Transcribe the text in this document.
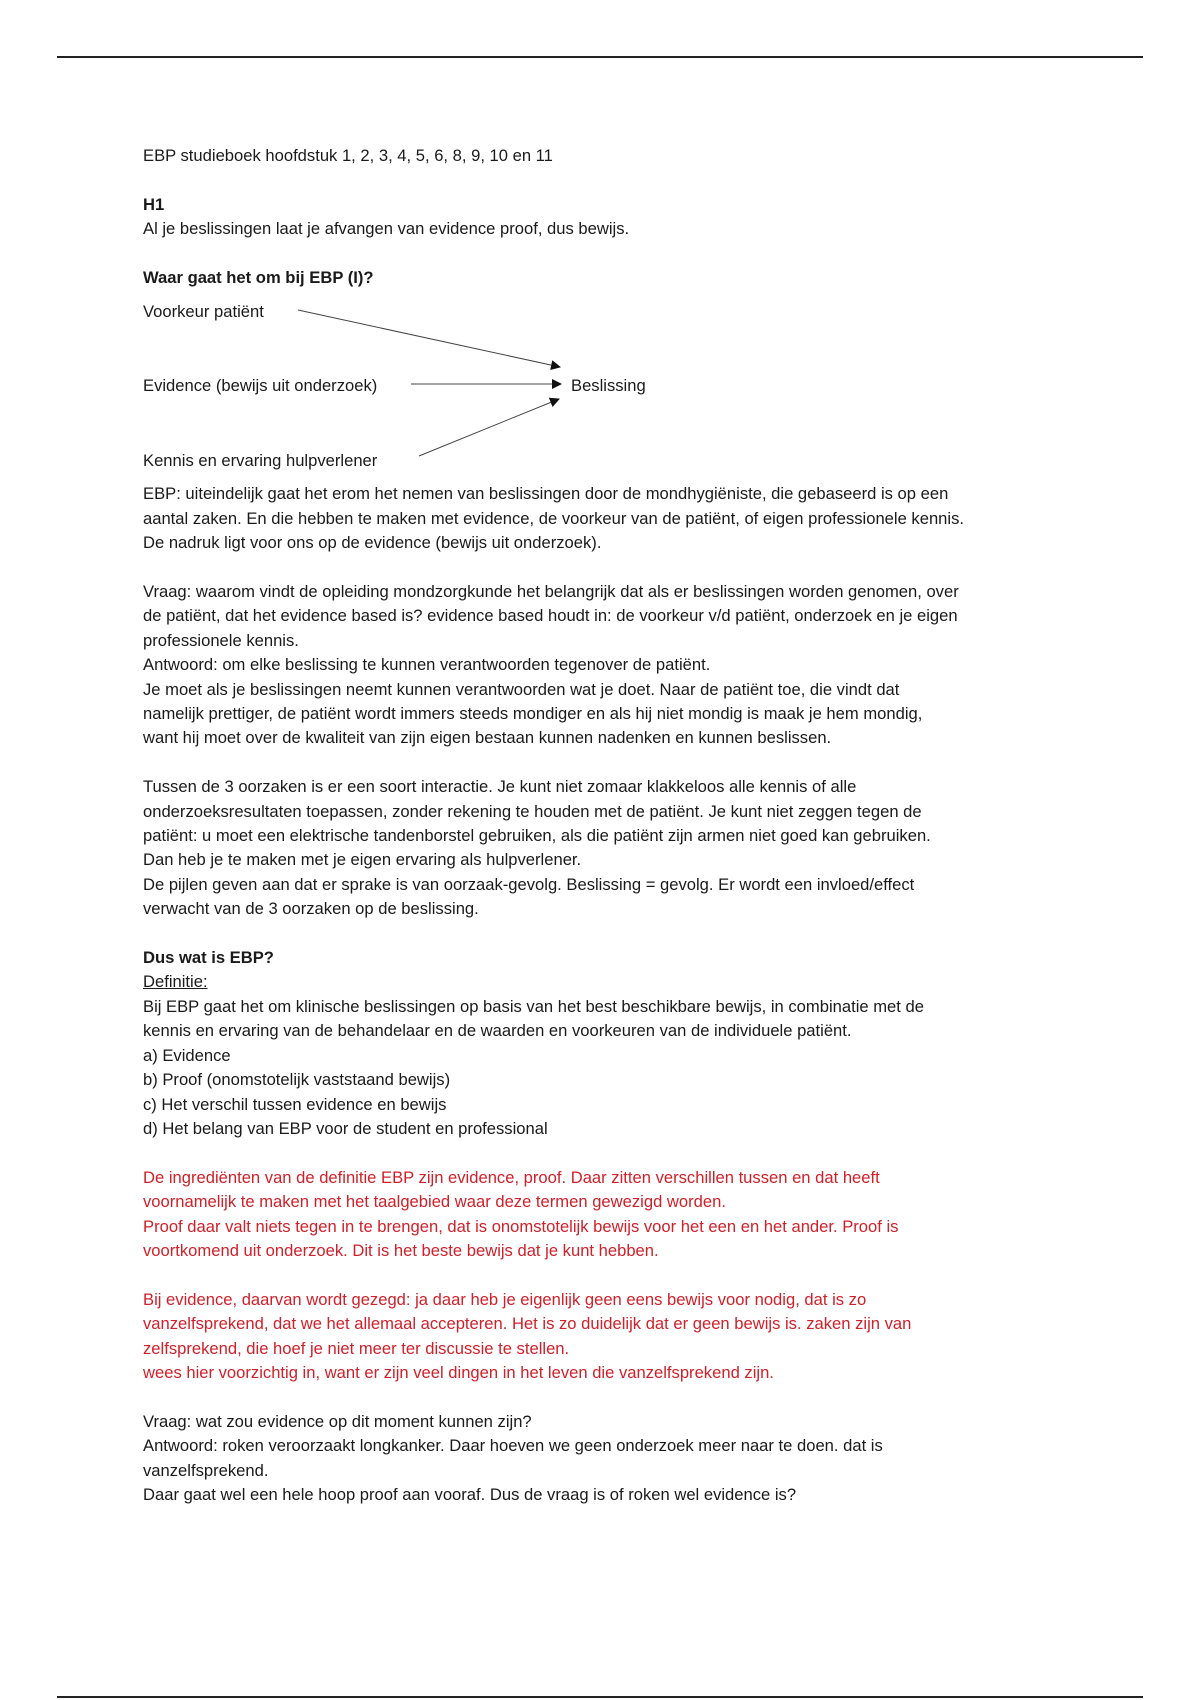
EBP studieboek hoofdstuk 1, 2, 3, 4, 5, 6, 8, 9, 10 en 11

H1

Al je beslissingen laat je afvangen van evidence proof, dus bewijs.

Waar gaat het om bij EBP (I)?

Voorkeur patiënt
Evidence (bewijs uit onderzoek)
Kennis en ervaring hulpverlener
Beslissing

EBP: uiteindelijk gaat het erom het nemen van beslissingen door de mondhygiëniste, die gebaseerd is op een

aantal zaken. En die hebben te maken met evidence, de voorkeur van de patiënt, of eigen professionele kennis.

De nadruk ligt voor ons op de evidence (bewijs uit onderzoek).

Vraag: waarom vindt de opleiding mondzorgkunde het belangrijk dat als er beslissingen worden genomen, over

de patiënt, dat het evidence based is? evidence based houdt in: de voorkeur v/d patiënt, onderzoek en je eigen

professionele kennis.

Antwoord: om elke beslissing te kunnen verantwoorden tegenover de patiënt.

Je moet als je beslissingen neemt kunnen verantwoorden wat je doet. Naar de patiënt toe, die vindt dat

namelijk prettiger, de patiënt wordt immers steeds mondiger en als hij niet mondig is maak je hem mondig,

want hij moet over de kwaliteit van zijn eigen bestaan kunnen nadenken en kunnen beslissen.

Tussen de 3 oorzaken is er een soort interactie. Je kunt niet zomaar klakkeloos alle kennis of alle

onderzoeksresultaten toepassen, zonder rekening te houden met de patiënt. Je kunt niet zeggen tegen de

patiënt: u moet een elektrische tandenborstel gebruiken, als die patiënt zijn armen niet goed kan gebruiken.

Dan heb je te maken met je eigen ervaring als hulpverlener.

De pijlen geven aan dat er sprake is van oorzaak-gevolg. Beslissing = gevolg. Er wordt een invloed/effect

verwacht van de 3 oorzaken op de beslissing.

Dus wat is EBP?

Definitie:

Bij EBP gaat het om klinische beslissingen op basis van het best beschikbare bewijs, in combinatie met de

kennis en ervaring van de behandelaar en de waarden en voorkeuren van de individuele patiënt.

a) Evidence

b) Proof (onomstotelijk vaststaand bewijs)

c) Het verschil tussen evidence en bewijs

d) Het belang van EBP voor de student en professional

De ingrediënten van de definitie EBP zijn evidence, proof. Daar zitten verschillen tussen en dat heeft

voornamelijk te maken met het taalgebied waar deze termen gewezigd worden.

Proof daar valt niets tegen in te brengen, dat is onomstotelijk bewijs voor het een en het ander. Proof is

voortkomend uit onderzoek. Dit is het beste bewijs dat je kunt hebben.

Bij evidence, daarvan wordt gezegd: ja daar heb je eigenlijk geen eens bewijs voor nodig, dat is zo

vanzelfsprekend, dat we het allemaal accepteren. Het is zo duidelijk dat er geen bewijs is. zaken zijn van

zelfsprekend, die hoef je niet meer ter discussie te stellen.

wees hier voorzichtig in, want er zijn veel dingen in het leven die vanzelfsprekend zijn.

Vraag: wat zou evidence op dit moment kunnen zijn?

Antwoord: roken veroorzaakt longkanker. Daar hoeven we geen onderzoek meer naar te doen. dat is

vanzelfsprekend.

Daar gaat wel een hele hoop proof aan vooraf. Dus de vraag is of roken wel evidence is?
